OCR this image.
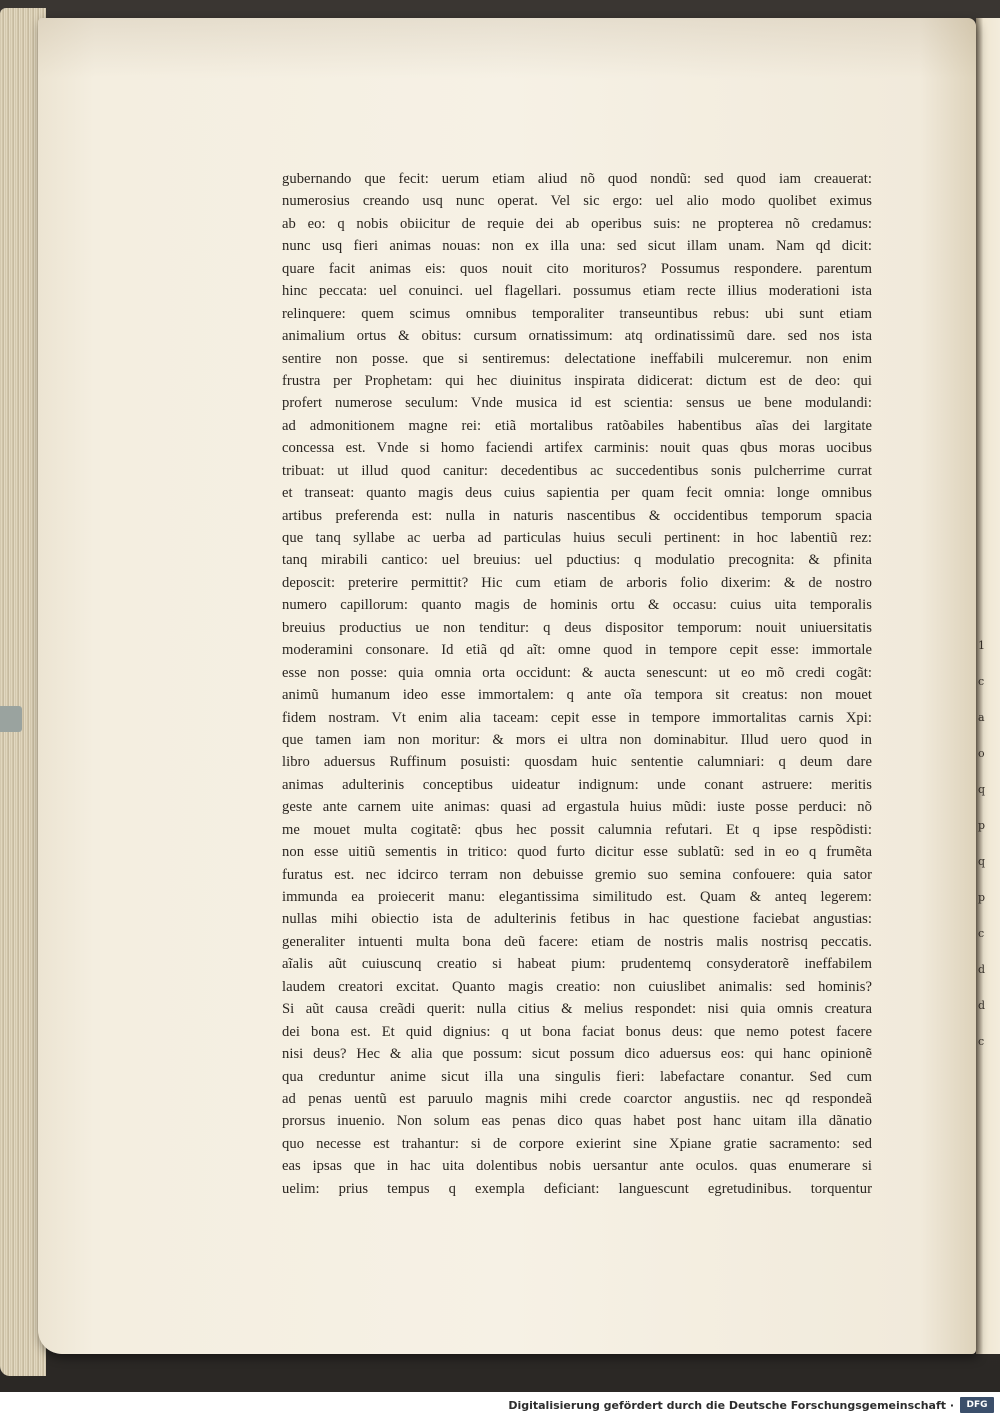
1
c
a
o
q
p
q
p
c
d
d
c
gubernando que fecit: uerum etiam aliud nõ quod nondũ: sed quod iam creauerat:
numerosius creando usq nunc operat. Vel sic ergo: uel alio modo quolibet eximus
ab eo: q nobis obiicitur de requie dei ab operibus suis: ne propterea nõ credamus:
nunc usq fieri animas nouas: non ex illa una: sed sicut illam unam. Nam qd dicit:
quare facit animas eis: quos nouit cito morituros? Possumus respondere. parentum
hinc peccata: uel conuinci. uel flagellari. possumus etiam recte illius moderationi ista
relinquere: quem scimus omnibus temporaliter transeuntibus rebus: ubi sunt etiam
animalium ortus & obitus: cursum ornatissimum: atq ordinatissimũ dare. sed nos ista
sentire non posse. que si sentiremus: delectatione ineffabili mulceremur. non enim
frustra per Prophetam: qui hec diuinitus inspirata didicerat: dictum est de deo: qui
profert numerose seculum: Vnde musica id est scientia: sensus ue bene modulandi:
ad admonitionem magne rei: etiã mortalibus ratõabiles habentibus aĩas dei largitate
concessa est. Vnde si homo faciendi artifex carminis: nouit quas qbus moras uocibus
tribuat: ut illud quod canitur: decedentibus ac succedentibus sonis pulcherrime currat
et transeat: quanto magis deus cuius sapientia per quam fecit omnia: longe omnibus
artibus preferenda est: nulla in naturis nascentibus & occidentibus temporum spacia
que tanq syllabe ac uerba ad particulas huius seculi pertinent: in hoc labentiũ rez:
tanq mirabili cantico: uel breuius: uel pductius: q modulatio precognita: & pfinita
deposcit: preterire permittit? Hic cum etiam de arboris folio dixerim: & de nostro
numero capillorum: quanto magis de hominis ortu & occasu: cuius uita temporalis
breuius productius ue non tenditur: q deus dispositor temporum: nouit uniuersitatis
moderamini consonare. Id etiã qd aĩt: omne quod in tempore cepit esse: immortale
esse non posse: quia omnia orta occidunt: & aucta senescunt: ut eo mõ credi cogãt:
animũ humanum ideo esse immortalem: q ante oĩa tempora sit creatus: non mouet
fidem nostram. Vt enim alia taceam: cepit esse in tempore immortalitas carnis Xpi:
que tamen iam non moritur: & mors ei ultra non dominabitur. Illud uero quod in
libro aduersus Ruffinum posuisti: quosdam huic sententie calumniari: q deum dare
animas adulterinis conceptibus uideatur indignum: unde conant astruere: meritis
geste ante carnem uite animas: quasi ad ergastula huius mũdi: iuste posse perduci: nõ
me mouet multa cogitatẽ: qbus hec possit calumnia refutari. Et q ipse respõdisti:
non esse uitiũ sementis in tritico: quod furto dicitur esse sublatũ: sed in eo q frumẽta
furatus est. nec idcirco terram non debuisse gremio suo semina confouere: quia sator
immunda ea proiecerit manu: elegantissima similitudo est. Quam & anteq legerem:
nullas mihi obiectio ista de adulterinis fetibus in hac questione faciebat angustias:
generaliter intuenti multa bona deũ facere: etiam de nostris malis nostrisq peccatis.
aĩalis aũt cuiuscunq creatio si habeat pium: prudentemq consyderatorẽ ineffabilem
laudem creatori excitat. Quanto magis creatio: non cuiuslibet animalis: sed hominis?
Si aũt causa creãdi querit: nulla citius & melius respondet: nisi quia omnis creatura
dei bona est. Et quid dignius: q ut bona faciat bonus deus: que nemo potest facere
nisi deus? Hec & alia que possum: sicut possum dico aduersus eos: qui hanc opinionẽ
qua creduntur anime sicut illa una singulis fieri: labefactare conantur. Sed cum
ad penas uentũ est paruulo magnis mihi crede coarctor angustiis. nec qd respondeã
prorsus inuenio. Non solum eas penas dico quas habet post hanc uitam illa dãnatio
quo necesse est trahantur: si de corpore exierint sine Xpiane gratie sacramento: sed
eas ipsas que in hac uita dolentibus nobis uersantur ante oculos. quas enumerare si
uelim: prius tempus q exempla deficiant: languescunt egretudinibus. torquentur
Digitalisierung gefördert durch die Deutsche Forschungsgemeinschaft ·	DFG
